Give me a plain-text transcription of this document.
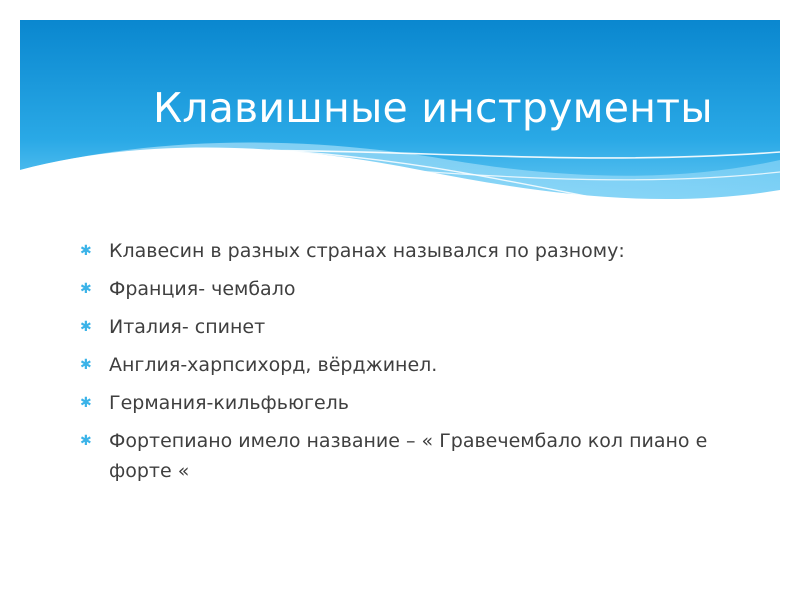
Клавишные инструменты
✱ Клавесин в разных странах назывался по разному:
✱ Франция- чембало
✱ Италия- спинет
✱ Англия-харпсихорд, вёрджинел.
✱ Германия-кильфьюгель
✱ Фортепиано имело название – « Гравечембало кол пиано е форте «
